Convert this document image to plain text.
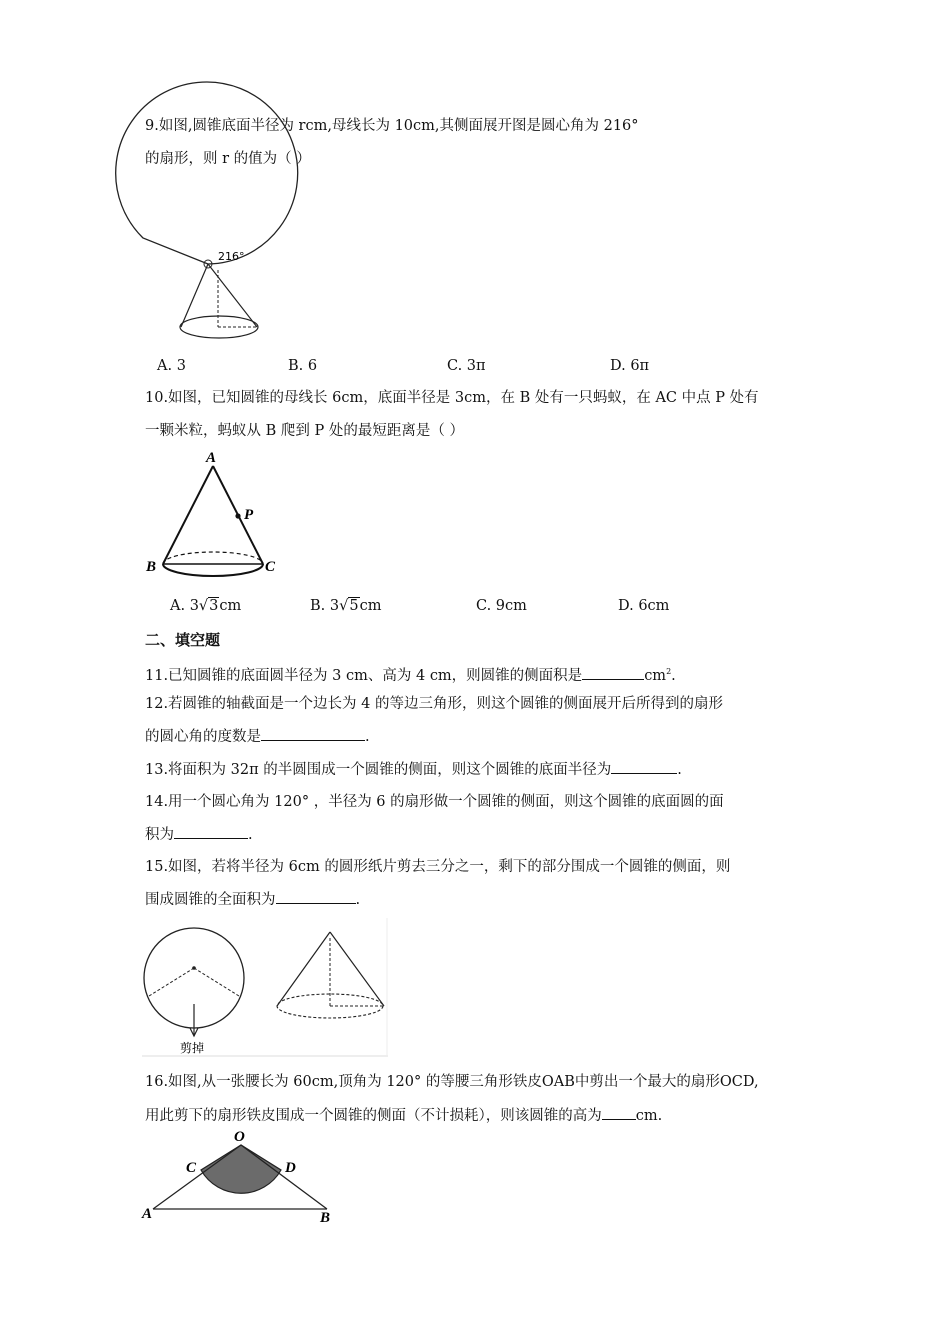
9.如图,圆锥底面半径为 rcm,母线长为 10cm,其侧面展开图是圆心角为 216°
的扇形，则 r 的值为（ ）
216°
A. 3	B. 6	C. 3π	D. 6π
10.如图，已知圆锥的母线长 6cm，底面半径是 3cm，在 B 处有一只蚂蚁，在 AC 中点 P 处有
一颗米粒，蚂蚁从 B 爬到 P 处的最短距离是（ ）
A
P
B	C
A. 3√3cm	B. 3√5cm	C. 9cm	D. 6cm
二、填空题
11.已知圆锥的底面圆半径为 3 cm、高为 4 cm，则圆锥的侧面积是	$cm^2$.
12.若圆锥的轴截面是一个边长为 4 的等边三角形，则这个圆锥的侧面展开后所得到的扇形
的圆心角的度数是	.
13.将面积为 32π 的半圆围成一个圆锥的侧面，则这个圆锥的底面半径为	.
14.用一个圆心角为 120° ，半径为 6 的扇形做一个圆锥的侧面，则这个圆锥的底面圆的面
积为	.
15.如图，若将半径为 6cm 的圆形纸片剪去三分之一，剩下的部分围成一个圆锥的侧面，则
围成圆锥的全面积为	.
剪掉
16.如图,从一张腰长为 60cm,顶角为 120° 的等腰三角形铁皮OAB中剪出一个最大的扇形OCD,
用此剪下的扇形铁皮围成一个圆锥的侧面（不计损耗），则该圆锥的高为 cm.
O
C	D
A	B
